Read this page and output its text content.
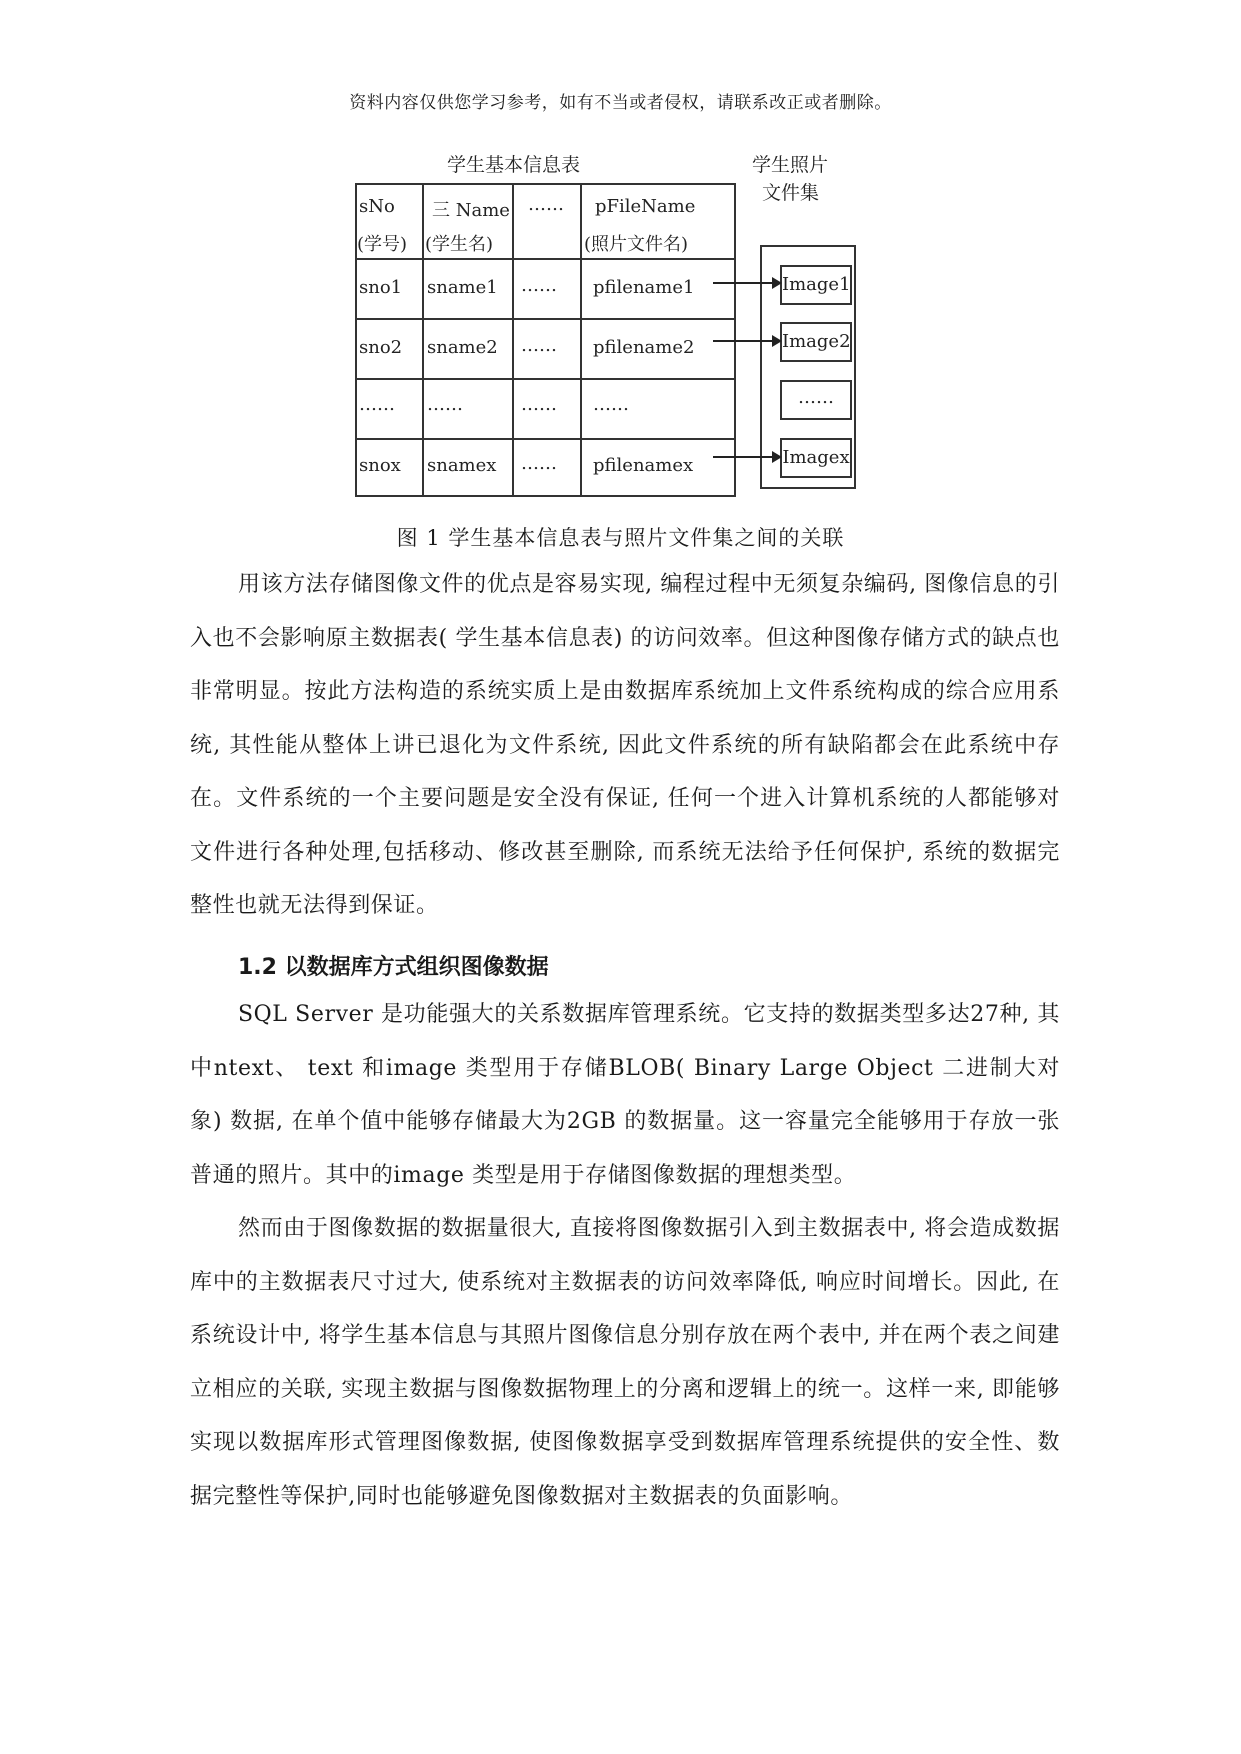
资料内容仅供您学习参考，如有不当或者侵权，请联系改正或者删除。
学生基本信息表	学生照片
文件集
sNo
(学号)
三 Name
(学生名)
…… pFileName
(照片文件名)
sno1 sname1 …… pfilename1
sno2 sname2 …… pfilename2
…… ……	…… ……
snox snamex …… pfilenamex
Image1
Image2
……
Imagex
图 1 学生基本信息表与照片文件集之间的关联

用该方法存储图像文件的优点是容易实现, 编程过程中无须复杂编码, 图像信息的引入也不会影响原主数据表( 学生基本信息表) 的访问效率。但这种图像存储方式的缺点也非常明显。按此方法构造的系统实质上是由数据库系统加上文件系统构成的综合应用系统, 其性能从整体上讲已退化为文件系统, 因此文件系统的所有缺陷都会在此系统中存在。文件系统的一个主要问题是安全没有保证, 任何一个进入计算机系统的人都能够对文件进行各种处理,包括移动、修改甚至删除, 而系统无法给予任何保护, 系统的数据完整性也就无法得到保证。

1.2 以数据库方式组织图像数据

SQL Server 是功能强大的关系数据库管理系统。它支持的数据类型多达27种, 其中ntext、 text 和image 类型用于存储BLOB( Binary Large Object 二进制大对象) 数据, 在单个值中能够存储最大为2GB 的数据量。这一容量完全能够用于存放一张普通的照片。其中的image 类型是用于存储图像数据的理想类型。

然而由于图像数据的数据量很大, 直接将图像数据引入到主数据表中, 将会造成数据库中的主数据表尺寸过大, 使系统对主数据表的访问效率降低, 响应时间增长。因此, 在系统设计中, 将学生基本信息与其照片图像信息分别存放在两个表中, 并在两个表之间建立相应的关联, 实现主数据与图像数据物理上的分离和逻辑上的统一。这样一来, 即能够实现以数据库形式管理图像数据, 使图像数据享受到数据库管理系统提供的安全性、数据完整性等保护,同时也能够避免图像数据对主数据表的负面影响。
